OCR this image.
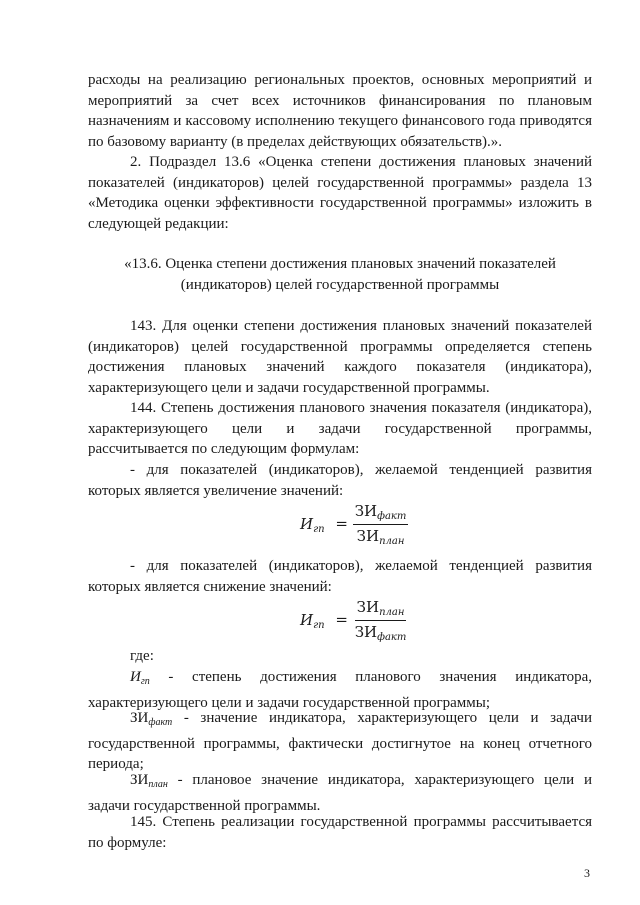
расходы на реализацию региональных проектов, основных мероприятий и мероприятий за счет всех источников финансирования по плановым назначениям и кассовому исполнению текущего финансового года приводятся по базовому варианту (в пределах действующих обязательств).».

2. Подраздел 13.6 «Оценка степени достижения плановых значений показателей (индикаторов) целей государственной программы» раздела 13 «Методика оценки эффективности государственной программы» изложить в следующей редакции:

«13.6. Оценка степени достижения плановых значений показателей
(индикаторов) целей государственной программы

143. Для оценки степени достижения плановых значений показателей (индикаторов) целей государственной программы определяется степень достижения плановых значений каждого показателя (индикатора), характеризующего цели и задачи государственной программы.

144. Степень достижения планового значения показателя (индикатора), характеризующего цели и задачи государственной программы, рассчитывается по следующим формулам:

- для показателей (индикаторов), желаемой тенденцией развития которых является увеличение значений:

$И_{гп} = \frac{ЗИ_{факт}}{ЗИ_{план}}$

- для показателей (индикаторов), желаемой тенденцией развития которых является снижение значений:

$И_{гп} = \frac{ЗИ_{план}}{ЗИ_{факт}}$

где:

$И_{гп}$ - степень достижения планового значения индикатора, характеризующего цели и задачи государственной программы;

$ЗИ_{факт}$ - значение индикатора, характеризующего цели и задачи государственной программы, фактически достигнутое на конец отчетного периода;

$ЗИ_{план}$ - плановое значение индикатора, характеризующего цели и задачи государственной программы.

145. Степень реализации государственной программы рассчитывается по формуле:

3
